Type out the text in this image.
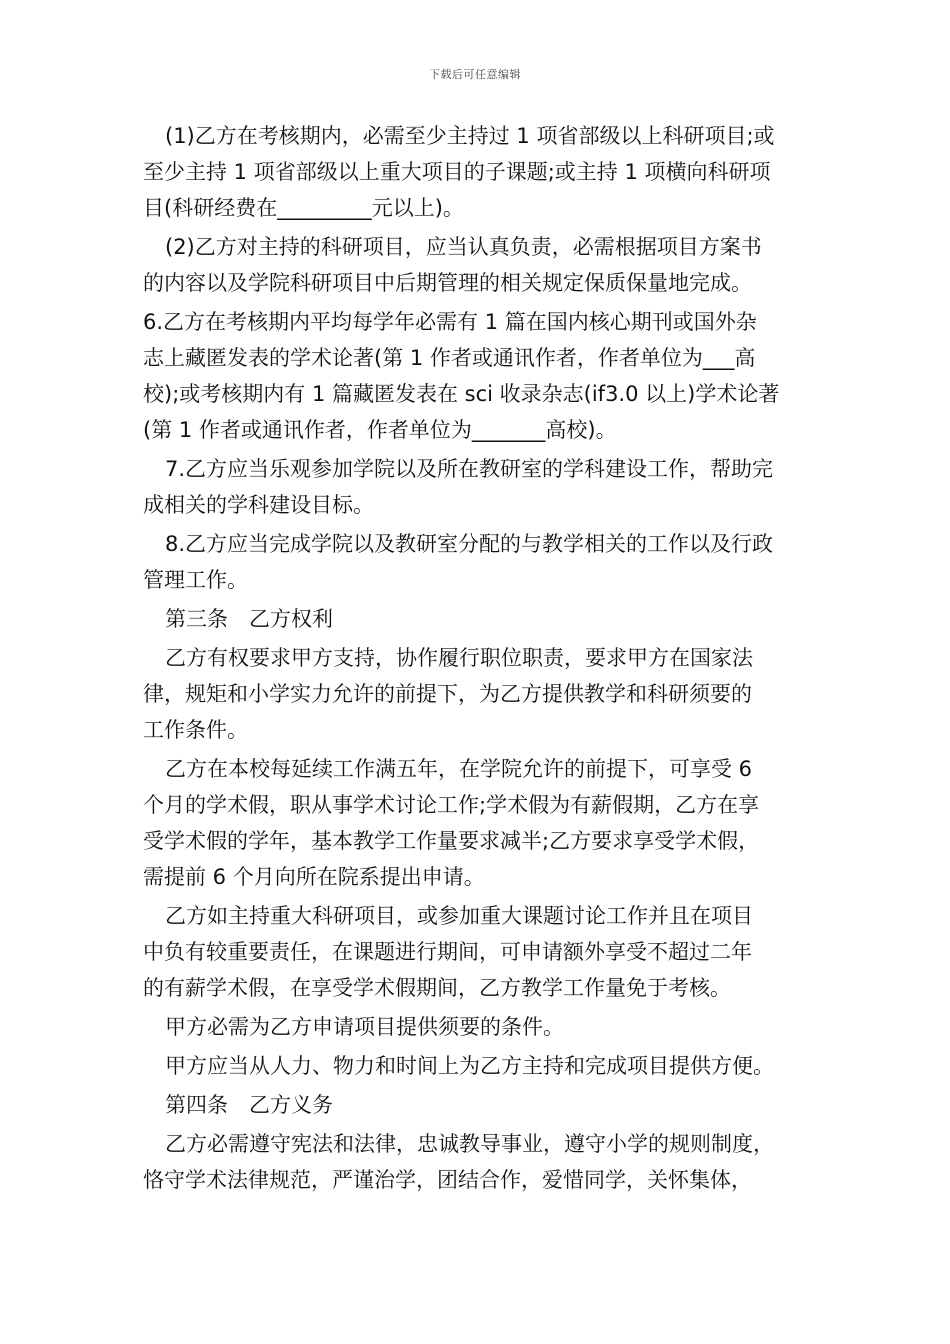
下载后可任意编辑
(1)乙方在考核期内，必需至少主持过 1 项省部级以上科研项目;或
至少主持 1 项省部级以上重大项目的子课题;或主持 1 项横向科研项
目(科研经费在_________元以上)。
(2)乙方对主持的科研项目，应当认真负责，必需根据项目方案书
的内容以及学院科研项目中后期管理的相关规定保质保量地完成。
6.乙方在考核期内平均每学年必需有 1 篇在国内核心期刊或国外杂
志上藏匿发表的学术论著(第 1 作者或通讯作者，作者单位为___高
校);或考核期内有 1 篇藏匿发表在 sci 收录杂志(if3.0 以上)学术论著
(第 1 作者或通讯作者，作者单位为_______高校)。
7.乙方应当乐观参加学院以及所在教研室的学科建设工作，帮助完
成相关的学科建设目标。
8.乙方应当完成学院以及教研室分配的与教学相关的工作以及行政
管理工作。
第三条　乙方权利
乙方有权要求甲方支持，协作履行职位职责，要求甲方在国家法
律，规矩和小学实力允许的前提下，为乙方提供教学和科研须要的
工作条件。
乙方在本校每延续工作满五年，在学院允许的前提下，可享受 6
个月的学术假，职从事学术讨论工作;学术假为有薪假期，乙方在享
受学术假的学年，基本教学工作量要求减半;乙方要求享受学术假，
需提前 6 个月向所在院系提出申请。
乙方如主持重大科研项目，或参加重大课题讨论工作并且在项目
中负有较重要责任，在课题进行期间，可申请额外享受不超过二年
的有薪学术假，在享受学术假期间，乙方教学工作量免于考核。
甲方必需为乙方申请项目提供须要的条件。
甲方应当从人力、物力和时间上为乙方主持和完成项目提供方便。
第四条　乙方义务
乙方必需遵守宪法和法律，忠诚教导事业，遵守小学的规则制度，
恪守学术法律规范，严谨治学，团结合作，爱惜同学，关怀集体，
